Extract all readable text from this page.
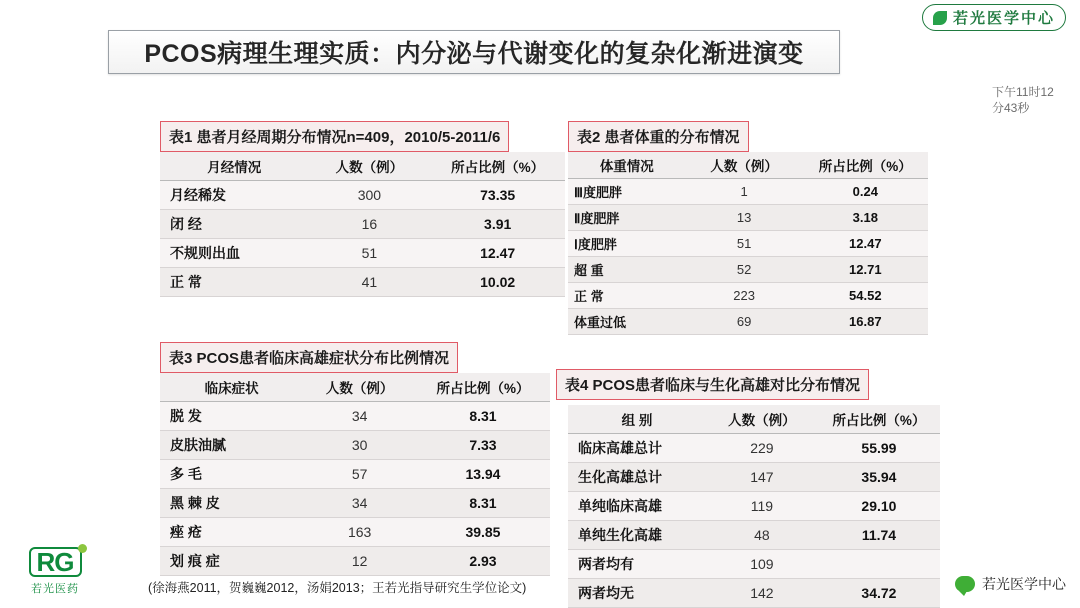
若光医学中心
PCOS病理生理实质：内分泌与代谢变化的复杂化渐进演变
下午11时12分43秒
表1 患者月经周期分布情况n=409，2010/5-2011/6
月经情况	人数（例）	所占比例（%）
月经稀发	300	73.35
闭 经	16	3.91
不规则出血	51	12.47
正 常	41	10.02
表2 患者体重的分布情况
体重情况	人数（例）	所占比例（%）
Ⅲ度肥胖	1	0.24
Ⅱ度肥胖	13	3.18
Ⅰ度肥胖	51	12.47
超 重	52	12.71
正 常	223	54.52
体重过低	69	16.87
表3 PCOS患者临床高雄症状分布比例情况
临床症状	人数（例）	所占比例（%）
脱 发	34	8.31
皮肤油腻	30	7.33
多 毛	57	13.94
黑 棘 皮	34	8.31
痤 疮	163	39.85
划 痕 症	12	2.93
表4 PCOS患者临床与生化高雄对比分布情况
组 别	人数（例）	所占比例（%）
临床高雄总计	229	55.99
生化高雄总计	147	35.94
单纯临床高雄	119	29.10
单纯生化高雄	48	11.74
两者均有	109	
两者均无	142	34.72
(徐海燕2011，贺巍巍2012，汤娟2013；王若光指导研究生学位论文)
RG
若光医药	若光医学中心
